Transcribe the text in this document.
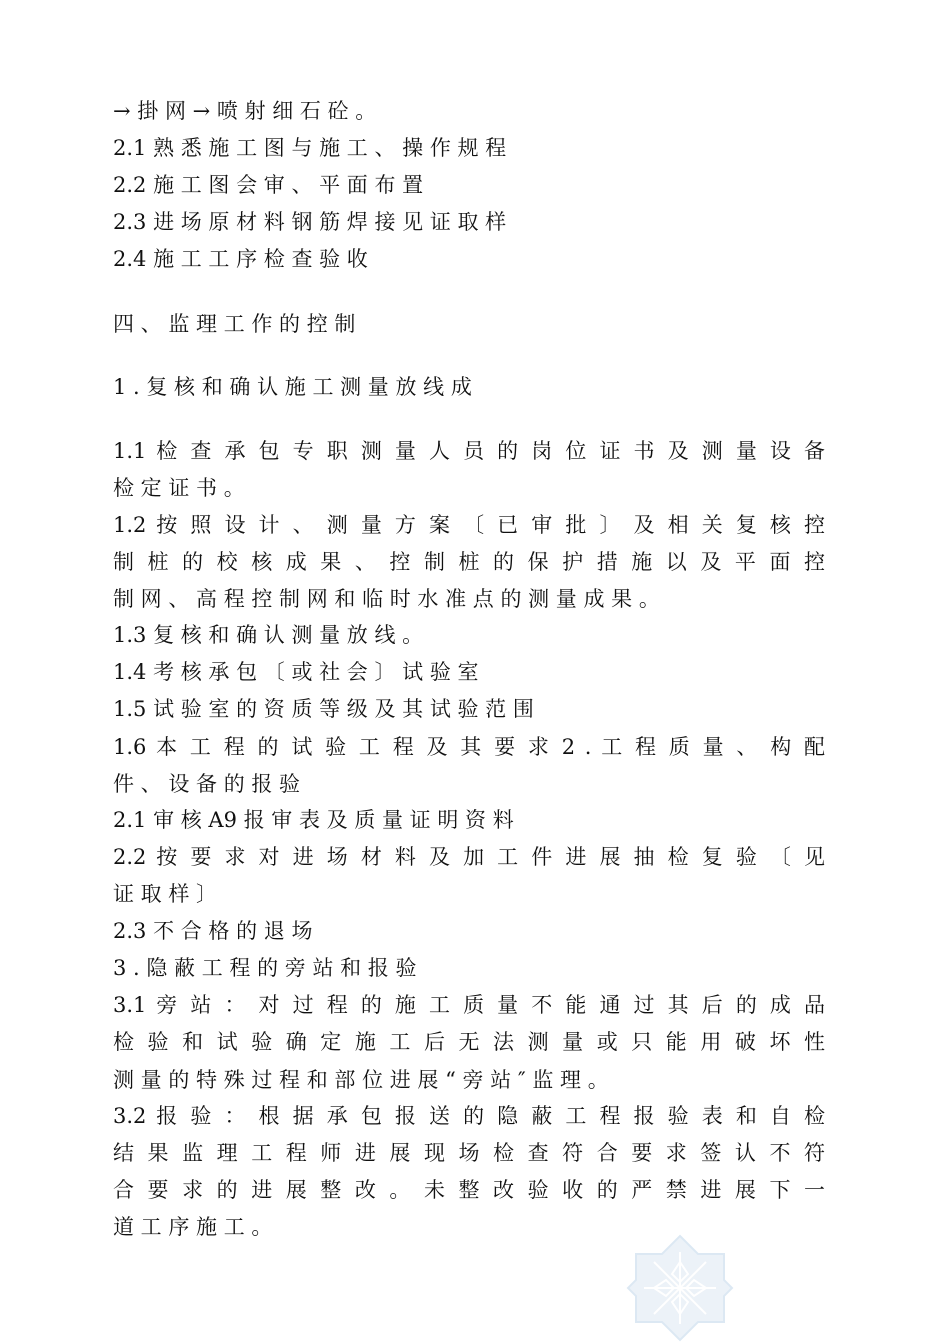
→ 掛 网 → 喷 射 细 石 砼 。
2.1 熟 悉 施 工 图 与 施 工 、 操 作 规 程
2.2 施 工 图 会 审 、 平 面 布 置
2.3 进 场 原 材 料 钢 筋 焊 接 见 证 取 样
2.4 施 工 工 序 检 查 验 收
四 、 监 理 工 作 的 控 制
1 . 复 核 和 确 认 施 工 测 量 放 线 成
1.1 检 查 承 包 专 职 测 量 人 员 的 岗 位 证 书 及 测 量 设 备
检 定 证 书 。
1.2 按 照 设 计 、 测 量 方 案 〔 已 审 批 〕 及 相 关 复 核 控
制 桩 的 校 核 成 果 、 控 制 桩 的 保 护 措 施 以 及 平 面 控
制 网 、 高 程 控 制 网 和 临 时 水 准 点 的 测 量 成 果 。
1.3 复 核 和 确 认 测 量 放 线 。
1.4 考 核 承 包 〔 或 社 会 〕 试 验 室
1.5 试 验 室 的 资 质 等 级 及 其 试 验 范 围
1.6 本 工 程 的 试 验 工 程 及 其 要 求 2 . 工 程 质 量 、 构 配
件 、 设 备 的 报 验
2.1 审 核 A9 报 审 表 及 质 量 证 明 资 料
2.2 按 要 求 对 进 场 材 料 及 加 工 件 进 展 抽 检 复 验 〔 见
证 取 样 〕
2.3 不 合 格 的 退 场
3 . 隐 蔽 工 程 的 旁 站 和 报 验
3.1 旁 站 ： 对 过 程 的 施 工 质 量 不 能 通 过 其 后 的 成 品
检 验 和 试 验 确 定 施 工 后 无 法 测 量 或 只 能 用 破 坏 性
测 量 的 特 殊 过 程 和 部 位 进 展 “ 旁 站 ″ 监 理 。
3.2 报 验 ： 根 据 承 包 报 送 的 隐 蔽 工 程 报 验 表 和 自 检
结 果 监 理 工 程 师 进 展 现 场 检 查 符 合 要 求 签 认 不 符
合 要 求 的 进 展 整 改 。 未 整 改 验 收 的 严 禁 进 展 下 一
道 工 序 施 工 。
